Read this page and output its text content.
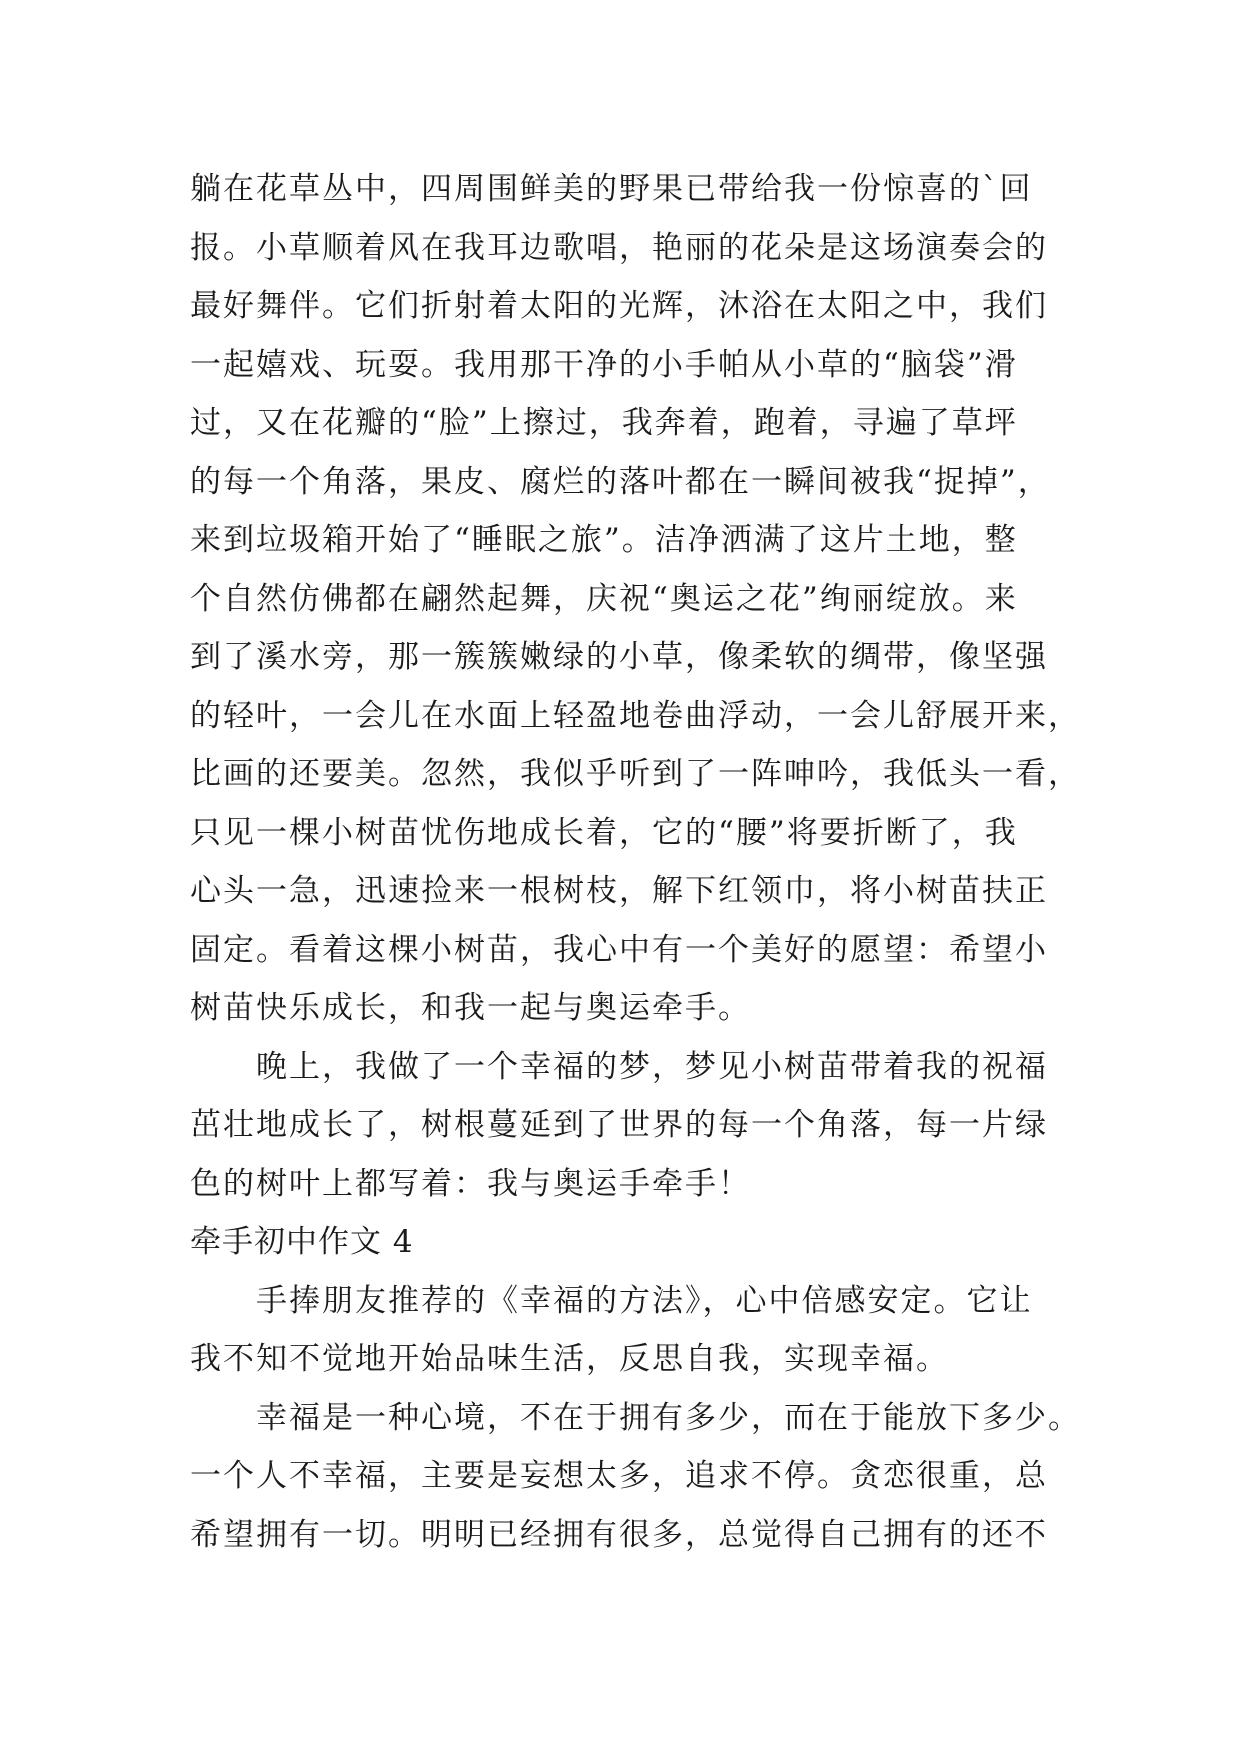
躺在花草丛中，四周围鲜美的野果已带给我一份惊喜的`回
报。小草顺着风在我耳边歌唱，艳丽的花朵是这场演奏会的
最好舞伴。它们折射着太阳的光辉，沐浴在太阳之中，我们
一起嬉戏、玩耍。我用那干净的小手帕从小草的“脑袋”滑
过，又在花瓣的“脸”上擦过，我奔着，跑着，寻遍了草坪
的每一个角落，果皮、腐烂的落叶都在一瞬间被我“捉掉”，
来到垃圾箱开始了“睡眠之旅”。洁净洒满了这片土地，整
个自然仿佛都在翩然起舞，庆祝“奥运之花”绚丽绽放。来
到了溪水旁，那一簇簇嫩绿的小草，像柔软的绸带，像坚强
的轻叶，一会儿在水面上轻盈地卷曲浮动，一会儿舒展开来，
比画的还要美。忽然，我似乎听到了一阵呻吟，我低头一看，
只见一棵小树苗忧伤地成长着，它的“腰”将要折断了，我
心头一急，迅速捡来一根树枝，解下红领巾，将小树苗扶正
固定。看着这棵小树苗，我心中有一个美好的愿望：希望小
树苗快乐成长，和我一起与奥运牵手。
晚上，我做了一个幸福的梦，梦见小树苗带着我的祝福
茁壮地成长了，树根蔓延到了世界的每一个角落，每一片绿
色的树叶上都写着：我与奥运手牵手！
牵手初中作文 4
手捧朋友推荐的《幸福的方法》，心中倍感安定。它让
我不知不觉地开始品味生活，反思自我，实现幸福。
幸福是一种心境，不在于拥有多少，而在于能放下多少。
一个人不幸福，主要是妄想太多，追求不停。贪恋很重，总
希望拥有一切。明明已经拥有很多，总觉得自己拥有的还不
